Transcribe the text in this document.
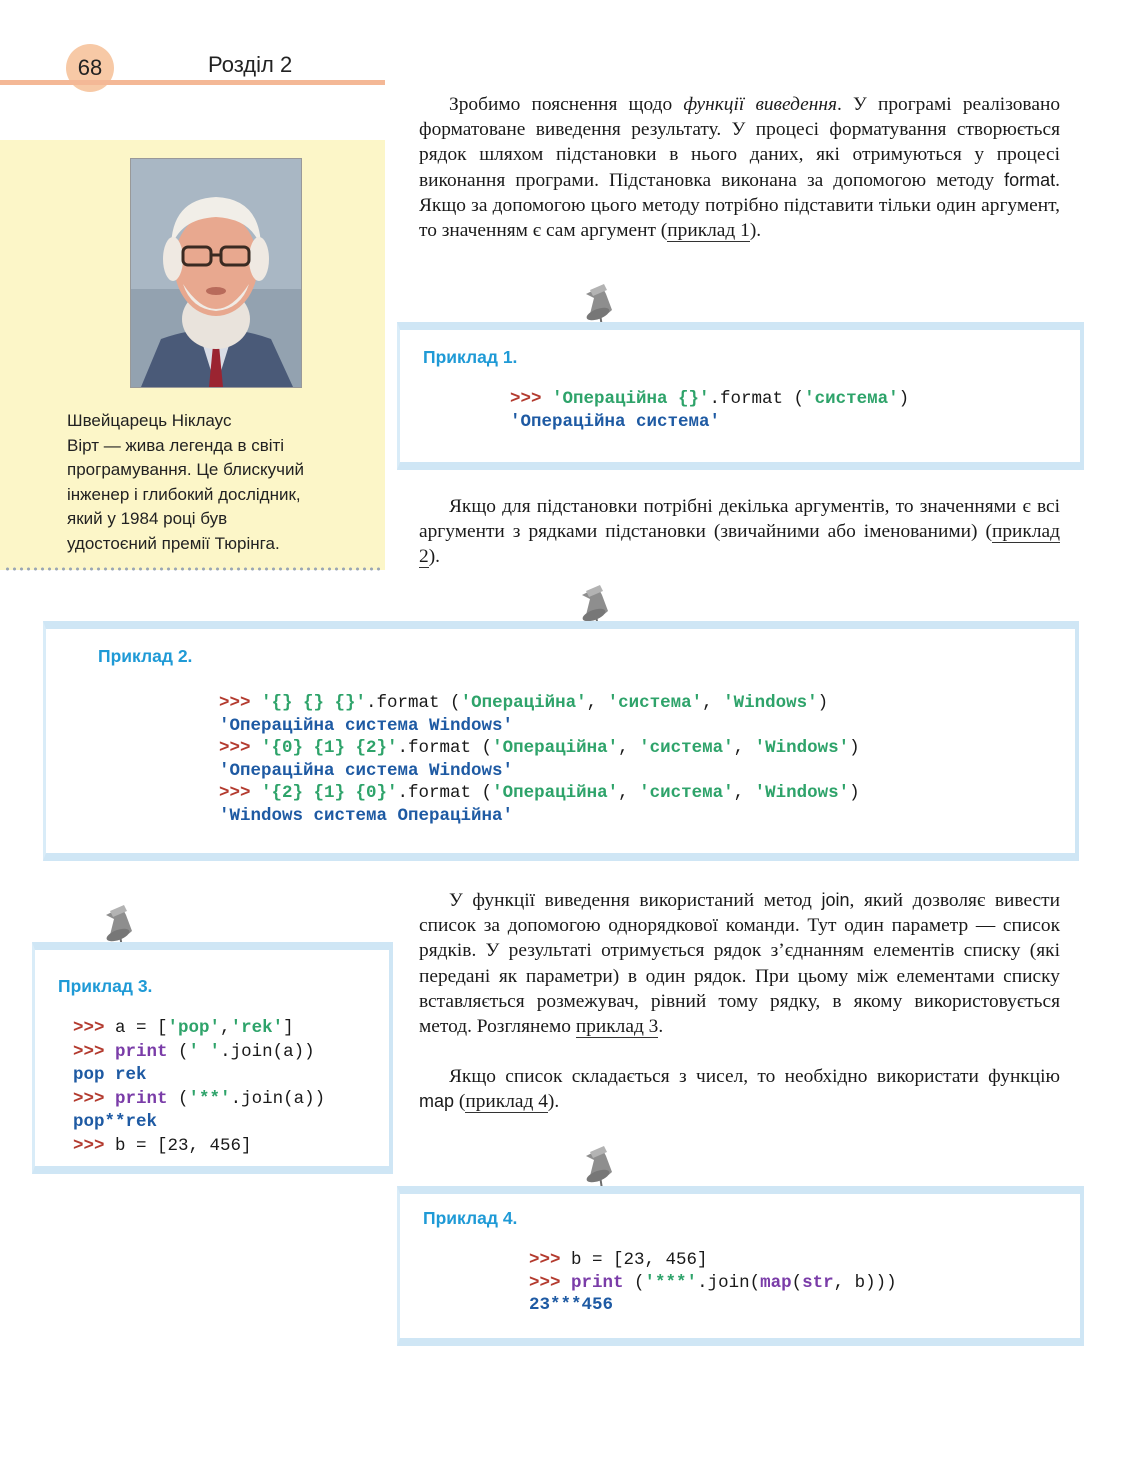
68	Розділ 2
Швейцарець Ніклаус
Вірт — жива легенда в світі
програмування. Це блискучий
інженер і глибокий дослідник,
який у 1984 році був
удостоєний премії Тюрінга.
Зробимо пояснення щодо функції виведення. У програмі реалізовано форматоване виведення результату. У процесі форматування створюється рядок шляхом підстановки в нього даних, які отримуються у процесі виконання програми. Підстановка виконана за допомогою методу format. Якщо за допомогою цього методу потрібно підставити тільки один аргумент, то значенням є сам аргумент (приклад 1).
Приклад 1.
>>> 'Операційна {}'.format ('система')
'Операційна система'
Якщо для підстановки потрібні декілька аргументів, то значеннями є всі аргументи з рядками підстановки (звичайними або іменованими) (приклад 2).
Приклад 2.
>>> '{} {} {}'.format ('Операційна', 'система', 'Windows')
'Операційна система Windows'
>>> '{0} {1} {2}'.format ('Операційна', 'система', 'Windows')
'Операційна система Windows'
>>> '{2} {1} {0}'.format ('Операційна', 'система', 'Windows')
'Windows система Операційна'
Приклад 3.
>>> a = ['pop','rek']
>>> print (' '.join(a))
pop rek
>>> print ('**'.join(a))
pop**rek
>>> b = [23, 456]
У функції виведення використаний метод join, який дозволяє вивести список за допомогою однорядкової команди. Тут один параметр — список рядків. У результаті отримується рядок з’єднанням елементів списку (які передані як параметри) в один рядок. При цьому між елементами списку вставляється розмежувач, рівний тому рядку, в якому використовується метод. Розглянемо приклад 3.
Якщо список складається з чисел, то необхідно використати функцію map (приклад 4).
Приклад 4.
>>> b = [23, 456]
>>> print ('***'.join(map(str, b)))
23***456
